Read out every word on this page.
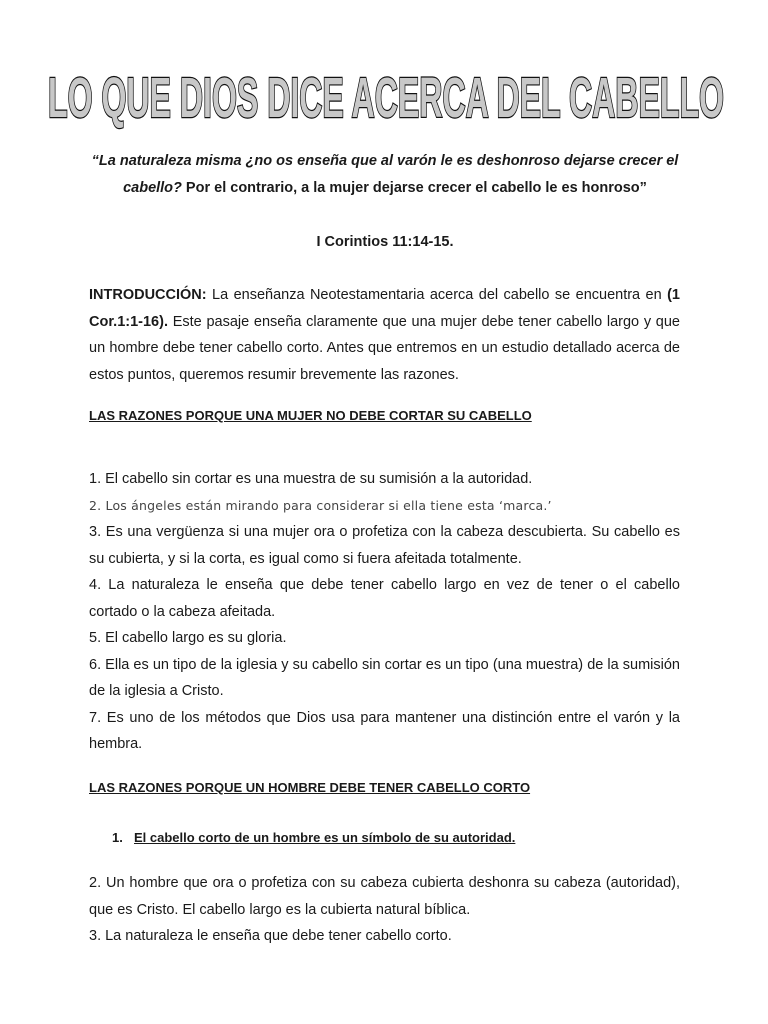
LO QUE DIOS DICE ACERCA DEL CABELLO
“La naturaleza misma ¿no os enseña que al varón le es deshonroso dejarse crecer el cabello? Por el contrario, a la mujer dejarse crecer el cabello le es honroso”
I Corintios 11:14-15.
INTRODUCCIÓN: La enseñanza Neotestamentaria acerca del cabello se encuentra en (1 Cor.1:1-16). Este pasaje enseña claramente que una mujer debe tener cabello largo y que un hombre debe tener cabello corto. Antes que entremos en un estudio detallado acerca de estos puntos, queremos resumir brevemente las razones.
LAS RAZONES PORQUE UNA MUJER NO DEBE CORTAR SU CABELLO

1. El cabello sin cortar es una muestra de su sumisión a la autoridad.

2. Los ángeles están mirando para considerar si ella tiene esta ‘marca.’

3. Es una vergüenza si una mujer ora o profetiza con la cabeza descubierta. Su cabello es su cubierta, y si la corta, es igual como si fuera afeitada totalmente.

4. La naturaleza le enseña que debe tener cabello largo en vez de tener o el cabello cortado o la cabeza afeitada.

5. El cabello largo es su gloria.

6. Ella es un tipo de la iglesia y su cabello sin cortar es un tipo (una muestra) de la sumisión de la iglesia a Cristo.

7. Es uno de los métodos que Dios usa para mantener una distinción entre el varón y la hembra.

LAS RAZONES PORQUE UN HOMBRE DEBE TENER CABELLO CORTO
1. El cabello corto de un hombre es un símbolo de su autoridad.

2. Un hombre que ora o profetiza con su cabeza cubierta deshonra su cabeza (autoridad), que es Cristo. El cabello largo es la cubierta natural bíblica.

3. La naturaleza le enseña que debe tener cabello corto.
